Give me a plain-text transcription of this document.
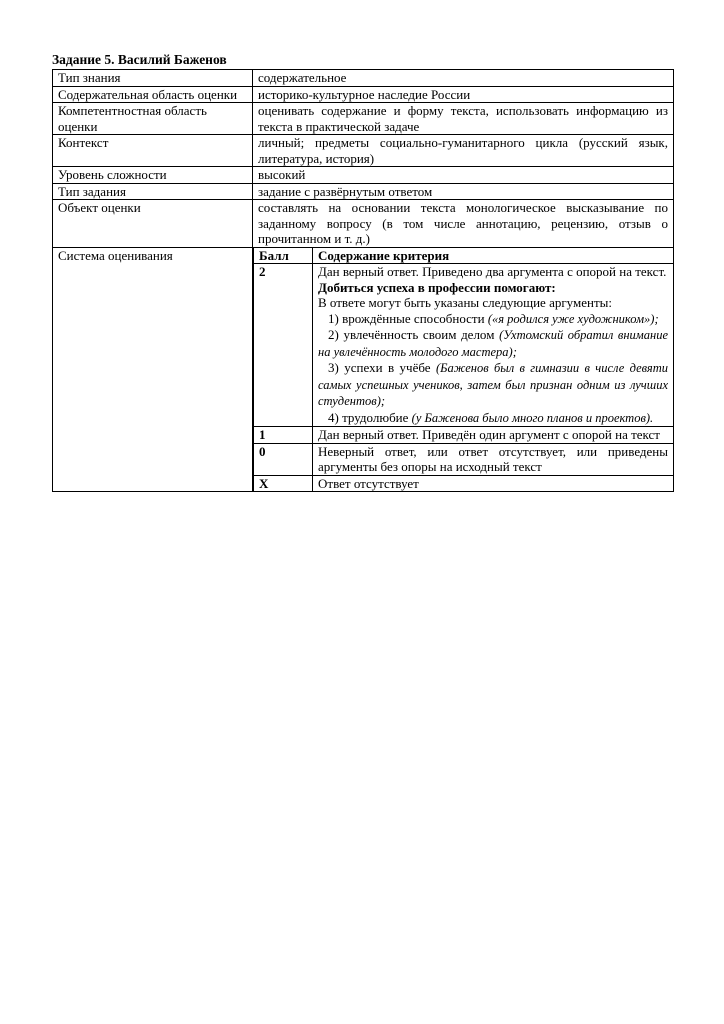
Задание 5. Василий Баженов
Тип знания	содержательное
Содержательная область оценки	историко-культурное наследие России
Компетентностная область оценки	оценивать содержание и форму текста, использовать информацию из текста в практической задаче
Контекст	личный; предметы социально-гуманитарного цикла (русский язык, литература, история)
Уровень сложности	высокий
Тип задания	задание с развёрнутым ответом
Объект оценки	составлять на основании текста монологическое высказывание по заданному вопросу (в том числе аннотацию, рецензию, отзыв о прочитанном и т. д.)
Система оценивания		Балл	Содержание критерия
2	Дан верный ответ. Приведено два аргумента с опорой на текст.

Добиться успеха в профессии помогают:

В ответе могут быть указаны следующие аргументы:

1) врождённые способности («я родился уже художником»);

2) увлечённость своим делом (Ухтомский обратил внимание на увлечённость молодого мастера);

3) успехи в учёбе (Баженов был в гимназии в числе девяти самых успешных учеников, затем был признан одним из лучших студентов);

4) трудолюбие (у Баженова было много планов и проектов).

1	Дан верный ответ. Приведён один аргумент с опорой на текст
0	Неверный ответ, или ответ отсутствует, или приведены аргументы без опоры на исходный текст
X	Ответ отсутствует
